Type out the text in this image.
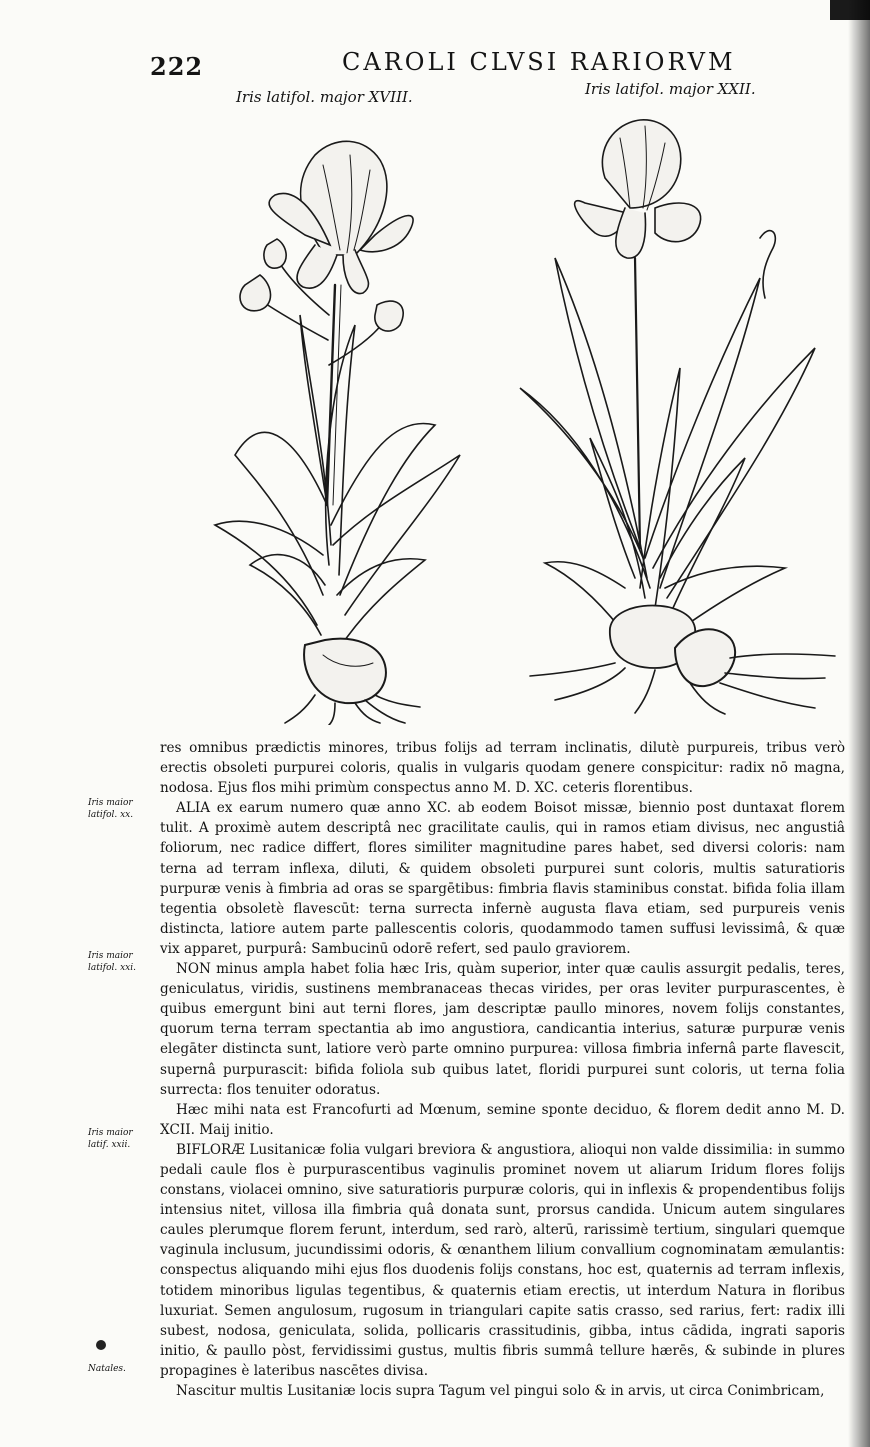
222	CAROLI CLVSI RARIORVM
Iris latifol. major XVIII.	Iris latifol. major XXII.
Iris maior latifol. xx.
Iris maior latifol. xxi.
Iris maior latif. xxii.
Natales.

res omnibus prædictis minores, tribus folijs ad terram inclinatis, dilutè purpureis, tribus verò erectis obsoleti purpurei coloris, qualis in vulgaris quodam genere conspicitur: radix nō magna, nodosa. Ejus flos mihi primùm conspectus anno M. D. XC. ceteris florentibus.

ALIA ex earum numero quæ anno XC. ab eodem Boisot missæ, biennio post duntaxat florem tulit. A proximè autem descriptâ nec gracilitate caulis, qui in ramos etiam divisus, nec angustiâ foliorum, nec radice differt, flores similiter magnitudine pares habet, sed diversi coloris: nam terna ad terram inflexa, diluti, & quidem obsoleti purpurei sunt coloris, multis saturatioris purpuræ venis à fimbria ad oras se spargētibus: fimbria flavis staminibus constat. bifida folia illam tegentia obsoletè flavescūt: terna surrecta infernè augusta flava etiam, sed purpureis venis distincta, latiore autem parte pallescentis coloris, quodammodo tamen suffusi levissimâ, & quæ vix apparet, purpurâ: Sambucinū odorē refert, sed paulo graviorem.

NON minus ampla habet folia hæc Iris, quàm superior, inter quæ caulis assurgit pedalis, teres, geniculatus, viridis, sustinens membranaceas thecas virides, per oras leviter purpurascentes, è quibus emergunt bini aut terni flores, jam descriptæ paullo minores, novem folijs constantes, quorum terna terram spectantia ab imo angustiora, candicantia interius, saturæ purpuræ venis elegāter distincta sunt, latiore verò parte omnino purpurea: villosa fimbria infernâ parte flavescit, supernâ purpurascit: bifida foliola sub quibus latet, floridi purpurei sunt coloris, ut terna folia surrecta: flos tenuiter odoratus.

Hæc mihi nata est Francofurti ad Mœnum, semine sponte deciduo, & florem dedit anno M. D. XCII. Maij initio.

BIFLORÆ Lusitanicæ folia vulgari breviora & angustiora, alioqui non valde dissimilia: in summo pedali caule flos è purpurascentibus vaginulis prominet novem ut aliarum Iridum flores folijs constans, violacei omnino, sive saturatioris purpuræ coloris, qui in inflexis & propendentibus folijs intensius nitet, villosa illa fimbria quâ donata sunt, prorsus candida. Unicum autem singulares caules plerumque florem ferunt, interdum, sed rarò, alterū, rarissimè tertium, singulari quemque vaginula inclusum, jucundissimi odoris, & œnanthem lilium convallium cognominatam æmulantis: conspectus aliquando mihi ejus flos duodenis folijs constans, hoc est, quaternis ad terram inflexis, totidem minoribus ligulas tegentibus, & quaternis etiam erectis, ut interdum Natura in floribus luxuriat. Semen angulosum, rugosum in triangulari capite satis crasso, sed rarius, fert: radix illi subest, nodosa, geniculata, solida, pollicaris crassitudinis, gibba, intus cādida, ingrati saporis initio, & paullo pòst, fervidissimi gustus, multis fibris summâ tellure hærēs, & subinde in plures propagines è lateribus nascētes divisa.

Nascitur multis Lusitaniæ locis supra Tagum vel pingui solo & in arvis, ut circa Conimbricam,
